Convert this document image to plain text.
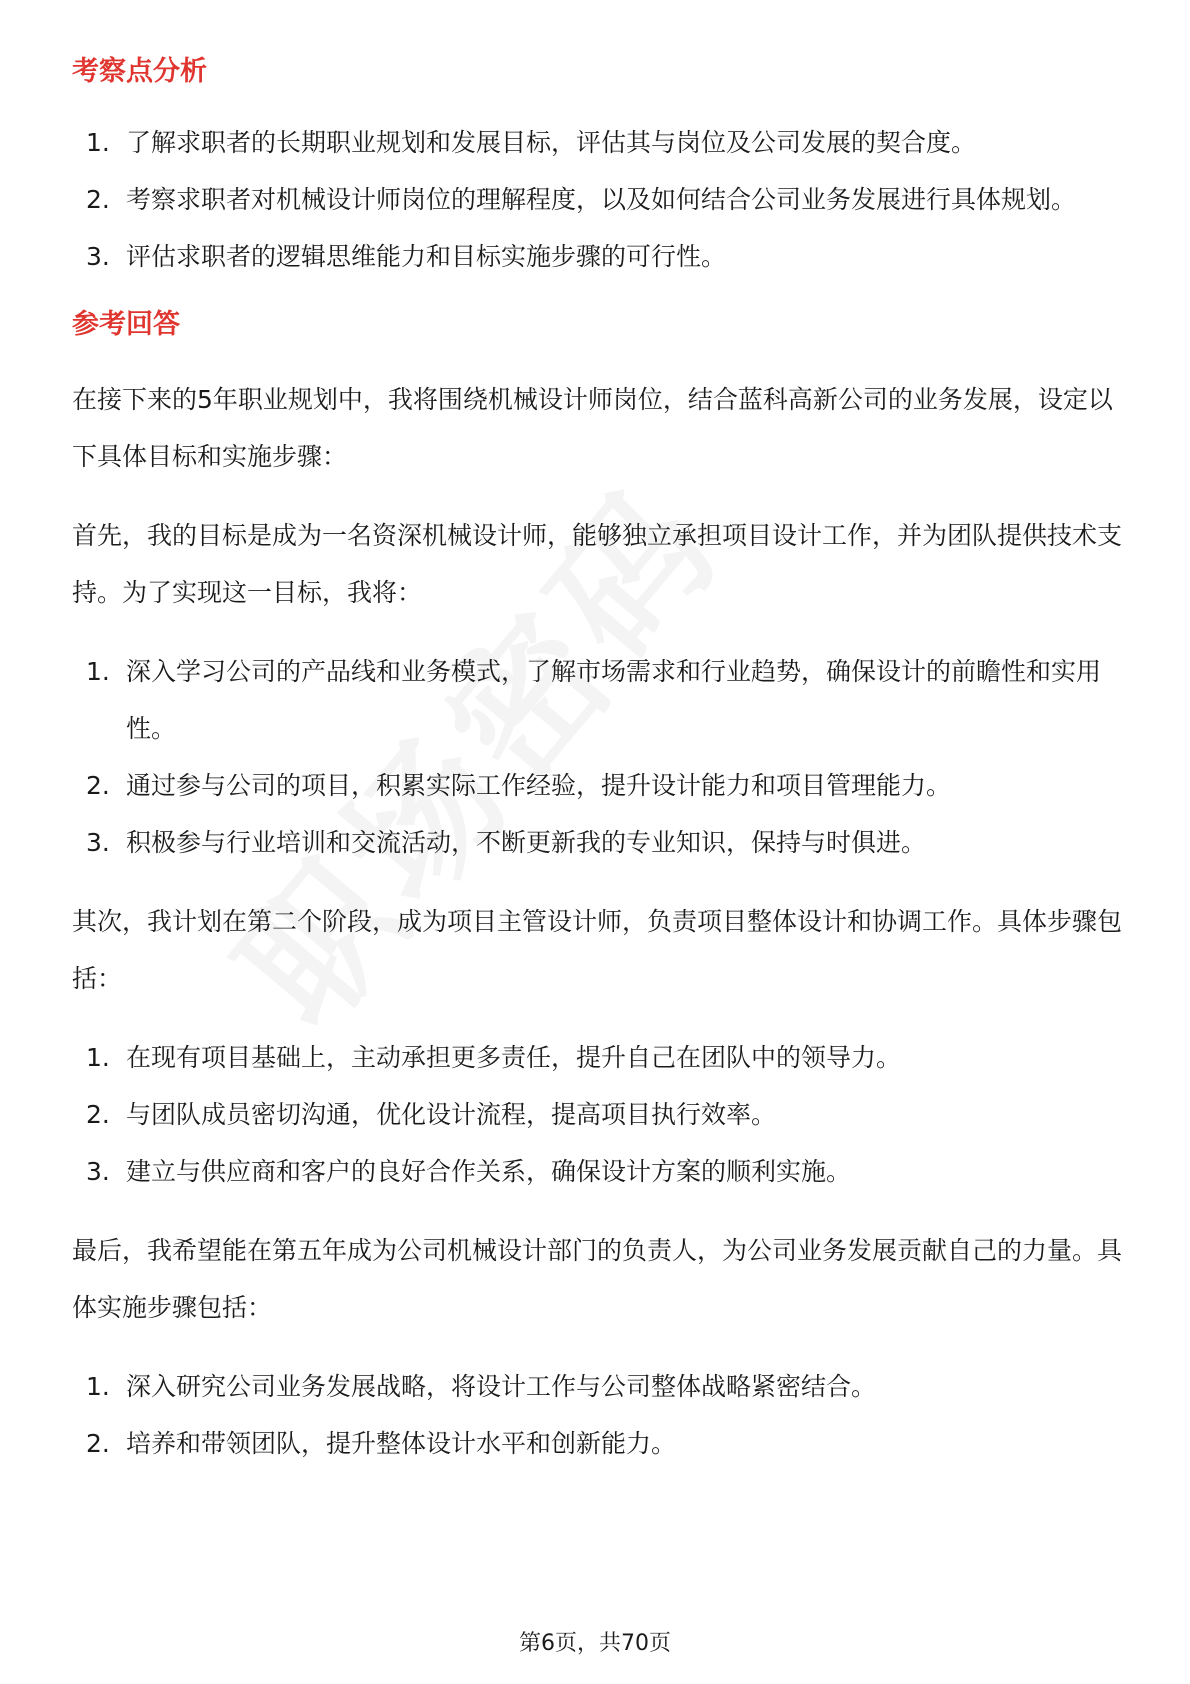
考察点分析
1. 了解求职者的长期职业规划和发展目标，评估其与岗位及公司发展的契合度。
2. 考察求职者对机械设计师岗位的理解程度，以及如何结合公司业务发展进行具体规划。
3. 评估求职者的逻辑思维能力和目标实施步骤的可行性。
参考回答

在接下来的5年职业规划中，我将围绕机械设计师岗位，结合蓝科高新公司的业务发展，设定以下具体目标和实施步骤：

首先，我的目标是成为一名资深机械设计师，能够独立承担项目设计工作，并为团队提供技术支持。为了实现这一目标，我将：

1. 深入学习公司的产品线和业务模式，了解市场需求和行业趋势，确保设计的前瞻性和实用性。
2. 通过参与公司的项目，积累实际工作经验，提升设计能力和项目管理能力。
3. 积极参与行业培训和交流活动，不断更新我的专业知识，保持与时俱进。

其次，我计划在第二个阶段，成为项目主管设计师，负责项目整体设计和协调工作。具体步骤包括：

1. 在现有项目基础上，主动承担更多责任，提升自己在团队中的领导力。
2. 与团队成员密切沟通，优化设计流程，提高项目执行效率。
3. 建立与供应商和客户的良好合作关系，确保设计方案的顺利实施。

最后，我希望能在第五年成为公司机械设计部门的负责人，为公司业务发展贡献自己的力量。具体实施步骤包括：

1. 深入研究公司业务发展战略，将设计工作与公司整体战略紧密结合。
2. 培养和带领团队，提升整体设计水平和创新能力。
第6页，共70页
